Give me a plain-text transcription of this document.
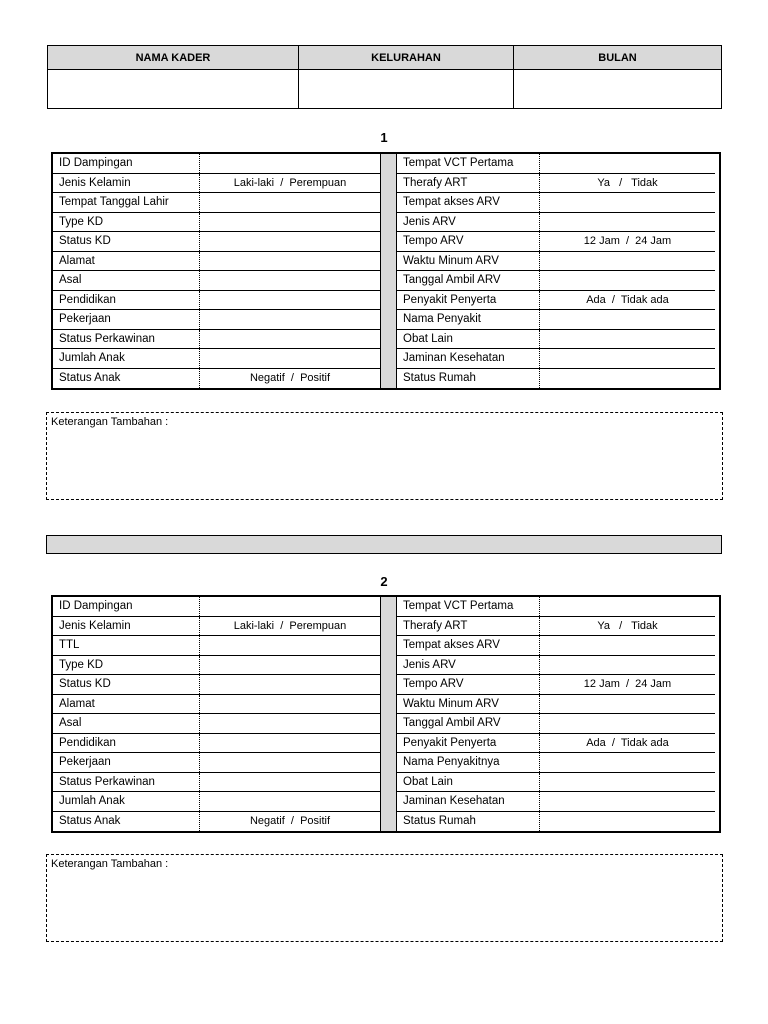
NAMA KADER	KELURAHAN	BULAN
1
ID Dampingan
Jenis Kelamin	Laki-laki  /  Perempuan
Tempat Tanggal Lahir
Type KD
Status KD
Alamat
Asal
Pendidikan
Pekerjaan
Status Perkawinan
Jumlah Anak
Status Anak	Negatif  /  Positif
Tempat VCT Pertama
Therafy ART	Ya   /   Tidak
Tempat akses ARV
Jenis ARV
Tempo ARV	12 Jam  /  24 Jam
Waktu Minum ARV
Tanggal Ambil ARV
Penyakit Penyerta	Ada  /  Tidak ada
Nama Penyakit
Obat Lain
Jaminan Kesehatan
Status Rumah
Keterangan Tambahan :
2
ID Dampingan
Jenis Kelamin	Laki-laki  /  Perempuan
TTL
Type KD
Status KD
Alamat
Asal
Pendidikan
Pekerjaan
Status Perkawinan
Jumlah Anak
Status Anak	Negatif  /  Positif
Tempat VCT Pertama
Therafy ART	Ya   /   Tidak
Tempat akses ARV
Jenis ARV
Tempo ARV	12 Jam  /  24 Jam
Waktu Minum ARV
Tanggal Ambil ARV
Penyakit Penyerta	Ada  /  Tidak ada
Nama Penyakitnya
Obat Lain
Jaminan Kesehatan
Status Rumah
Keterangan Tambahan :
